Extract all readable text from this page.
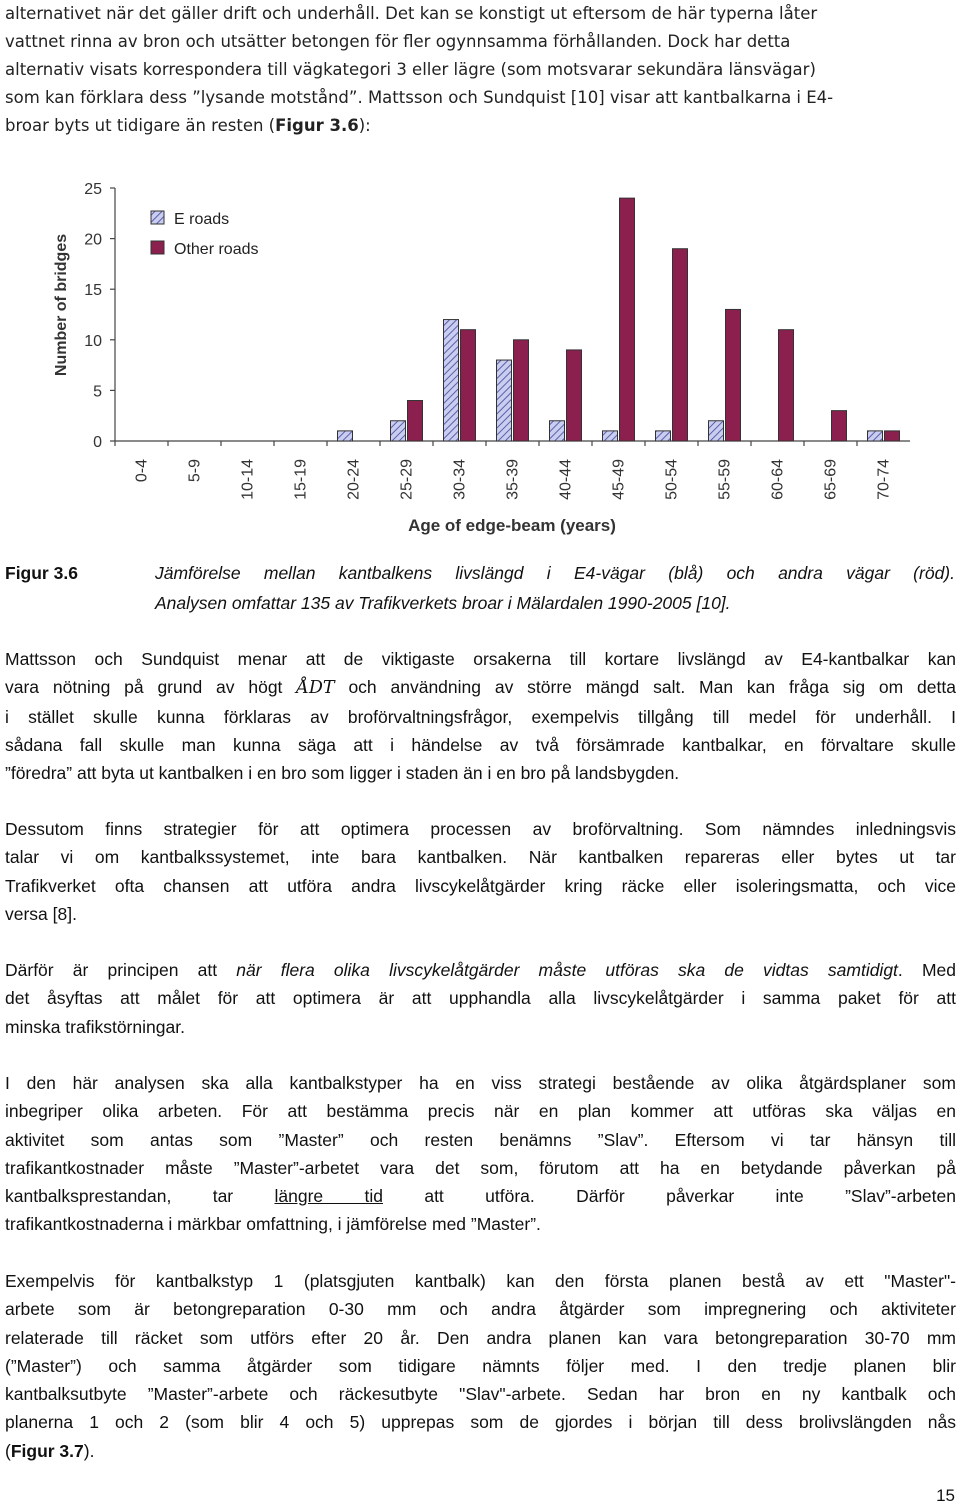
alternativet när det gäller drift och underhåll. Det kan se konstigt ut eftersom de här typerna låter
vattnet rinna av bron och utsätter betongen för fler ogynnsamma förhållanden. Dock har detta
alternativ visats korrespondera till vägkategori 3 eller lägre (som motsvarar sekundära länsvägar)
som kan förklara dess ”lysande motstånd”. Mattsson och Sundquist [10] visar att kantbalkarna i E4-
broar byts ut tidigare än resten (Figur 3.6):
0
5
10
15
20
25
0-4 5-9 10-14 15-19 20-24 25-29 30-34 35-39 40-44 45-49 50-54 55-59 60-64 65-69 70-74
Number of bridges
Age of edge-beam (years)
E roads
Other roads
Figur 3.6	Jämförelse mellan kantbalkens livslängd i E4-vägar (blå) och andra vägar (röd).
Analysen omfattar 135 av Trafikverkets broar i Mälardalen 1990-2005 [10].
Mattsson och Sundquist menar att de viktigaste orsakerna till kortare livslängd av E4-kantbalkar kan
vara nötning på grund av högt ÅDT och användning av större mängd salt. Man kan fråga sig om detta
i stället skulle kunna förklaras av broförvaltningsfrågor, exempelvis tillgång till medel för underhåll. I
sådana fall skulle man kunna säga att i händelse av två försämrade kantbalkar, en förvaltare skulle
”föredra” att byta ut kantbalken i en bro som ligger i staden än i en bro på landsbygden.
Dessutom finns strategier för att optimera processen av broförvaltning. Som nämndes inledningsvis
talar vi om kantbalkssystemet, inte bara kantbalken. När kantbalken repareras eller bytes ut tar
Trafikverket ofta chansen att utföra andra livscykelåtgärder kring räcke eller isoleringsmatta, och vice
versa [8].
Därför är principen att när flera olika livscykelåtgärder måste utföras ska de vidtas samtidigt. Med
det åsyftas att målet för att optimera är att upphandla alla livscykelåtgärder i samma paket för att
minska trafikstörningar.
I den här analysen ska alla kantbalkstyper ha en viss strategi bestående av olika åtgärdsplaner som
inbegriper olika arbeten. För att bestämma precis när en plan kommer att utföras ska väljas en
aktivitet som antas som ”Master” och resten benämns ”Slav”. Eftersom vi tar hänsyn till
trafikantkostnader måste ”Master”-arbetet vara det som, förutom att ha en betydande påverkan på
kantbalksprestandan, tar längre tid att utföra. Därför påverkar inte ”Slav”-arbeten
trafikantkostnaderna i märkbar omfattning, i jämförelse med ”Master”.
Exempelvis för kantbalkstyp 1 (platsgjuten kantbalk) kan den första planen bestå av ett "Master"-
arbete som är betongreparation 0-30 mm och andra åtgärder som impregnering och aktiviteter
relaterade till räcket som utförs efter 20 år. Den andra planen kan vara betongreparation 30-70 mm
(”Master”) och samma åtgärder som tidigare nämnts följer med. I den tredje planen blir
kantbalksutbyte ”Master”-arbete och räckesutbyte "Slav"-arbete. Sedan har bron en ny kantbalk och
planerna 1 och 2 (som blir 4 och 5) upprepas som de gjordes i början till dess brolivslängden nås
(Figur 3.7).
15
